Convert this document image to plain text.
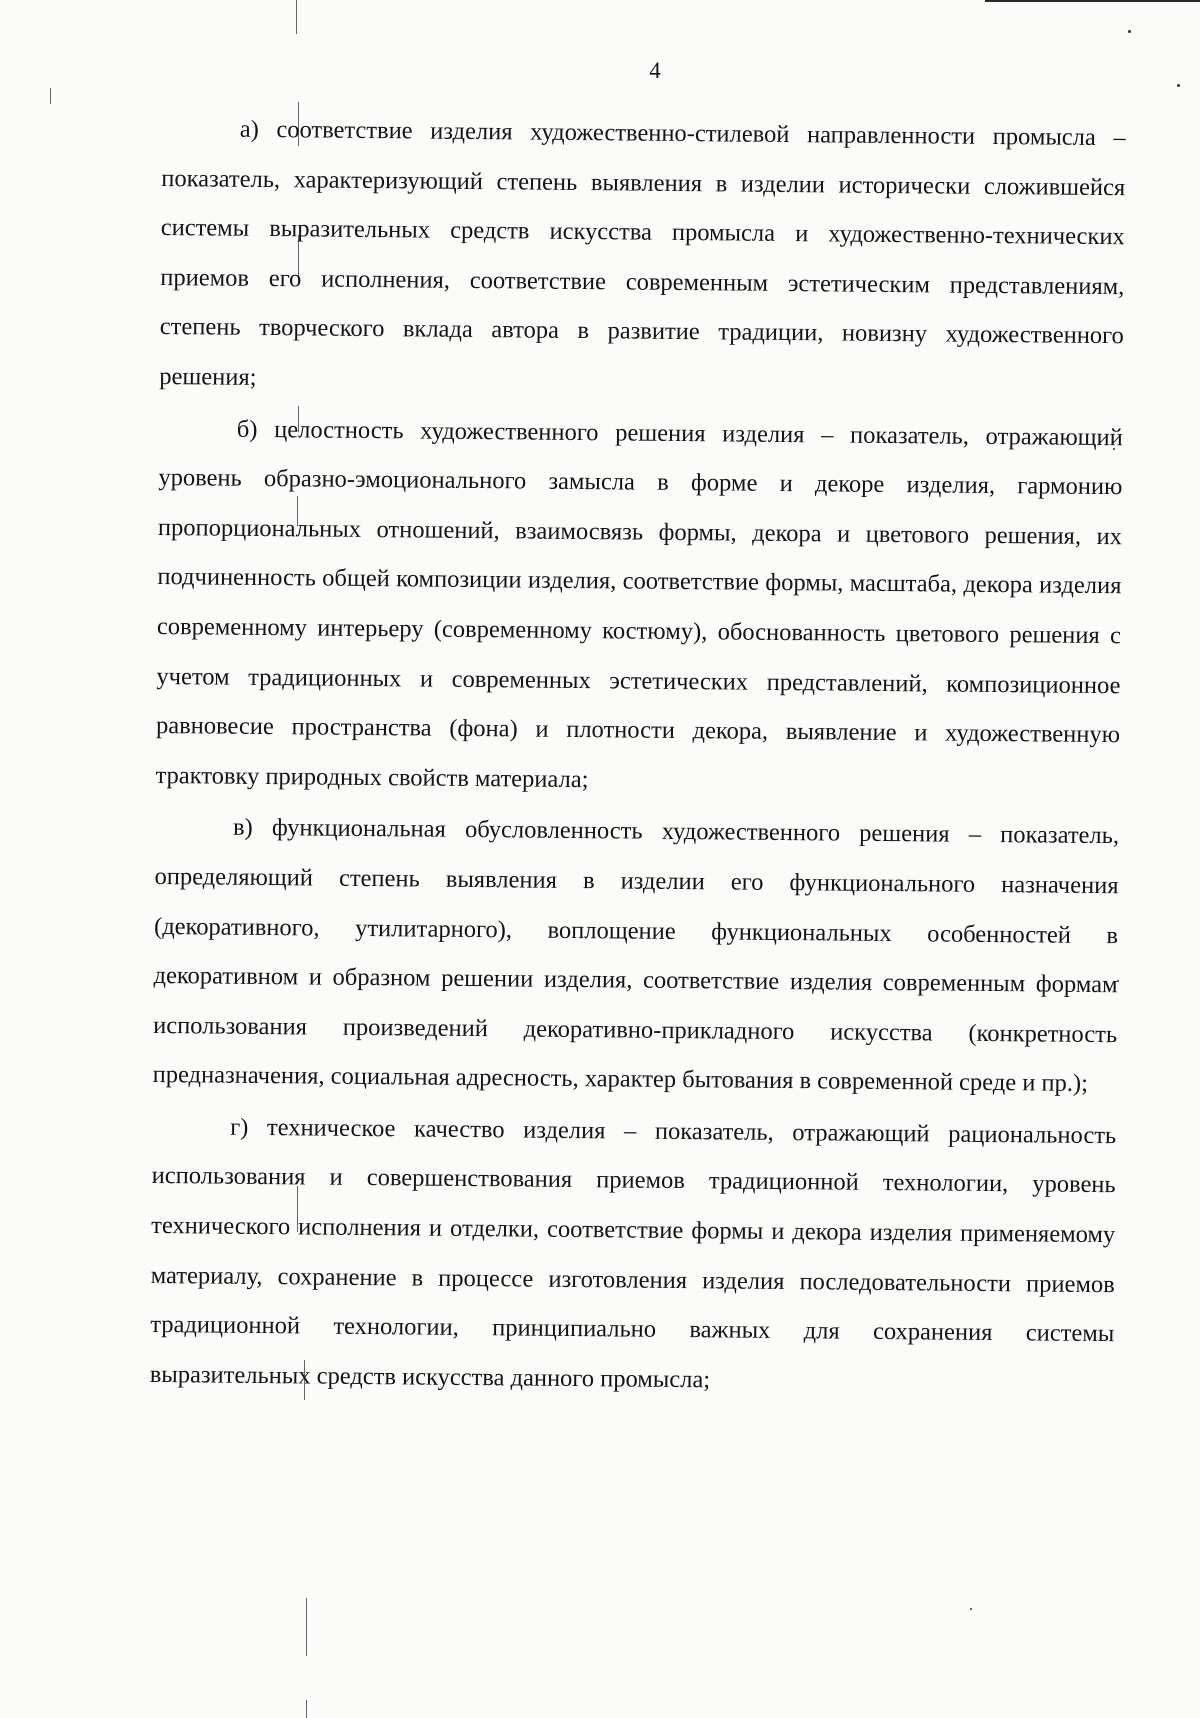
4

а) соответствие изделия художественно-стилевой направленности промысла – показатель, характеризующий степень выявления в изделии исторически сложившейся системы выразительных средств искусства промысла и художественно-технических приемов его исполнения, соответствие современным эстетическим представлениям, степень творческого вклада автора в развитие традиции, новизну художественного решения;

б) целостность художественного решения изделия – показатель, отражающий уровень образно-эмоционального замысла в форме и декоре изделия, гармонию пропорциональных отношений, взаимосвязь формы, декора и цветового решения, их подчиненность общей композиции изделия, соответствие формы, масштаба, декора изделия современному интерьеру (современному костюму), обоснованность цветового решения с учетом традиционных и современных эстетических представлений, композиционное равновесие пространства (фона) и плотности декора, выявление и художественную трактовку природных свойств материала;

в) функциональная обусловленность художественного решения – показатель, определяющий степень выявления в изделии его функционального назначения (декоративного, утилитарного), воплощение функциональных особенностей в декоративном и образном решении изделия, соответствие изделия современным формам использования произведений декоративно-прикладного искусства (конкретность предназначения, социальная адресность, характер бытования в современной среде и пр.);

г) техническое качество изделия – показатель, отражающий рациональность использования и совершенствования приемов традиционной технологии, уровень технического исполнения и отделки, соответствие формы и декора изделия применяемому материалу, сохранение в процессе изготовления изделия последовательности приемов традиционной технологии, принципиально важных для сохранения системы выразительных средств искусства данного промысла;
